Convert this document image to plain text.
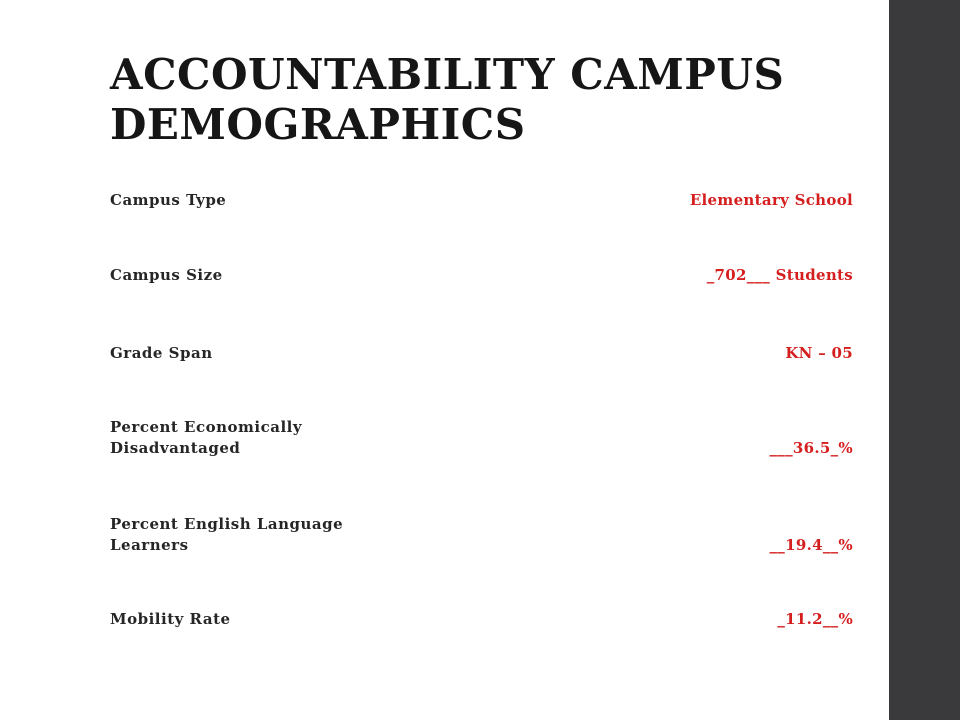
ACCOUNTABILITY CAMPUS DEMOGRAPHICS
Campus Type	Elementary School
Campus Size	_702___ Students
Grade Span	KN – 05
Percent Economically Disadvantaged	___36.5_%
Percent English Language Learners	__19.4__%
Mobility Rate	_11.2__%
